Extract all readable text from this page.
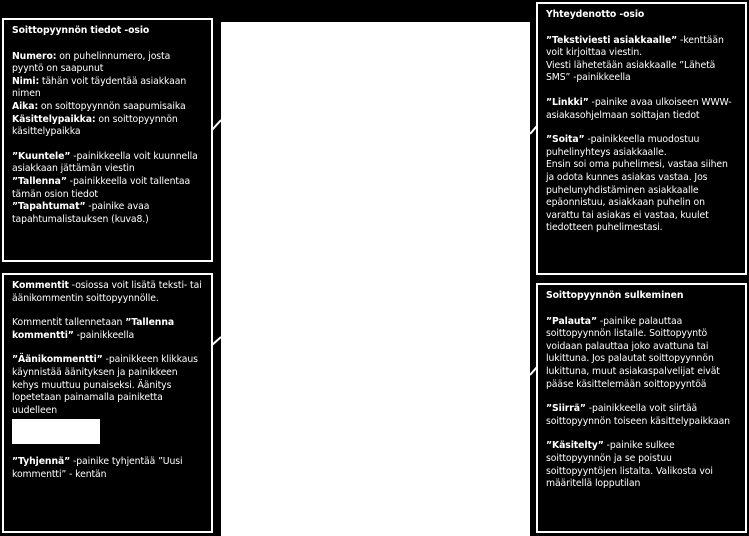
Soittopyynnön tiedot -osio

Numero: on puhelinnumero, josta pyyntö on saapunut

Nimi: tähän voit täydentää asiakkaan nimen

Aika: on soittopyynnön saapumisaika

Käsittelypaikka: on soittopyynnön käsittelypaikka

”Kuuntele” -painikkeella voit kuunnella asiakkaan jättämän viestin

”Tallenna” -painikkeella voit tallentaa tämän osion tiedot

”Tapahtumat” -painike avaa tapahtumalistauksen (kuva8.)

Kommentit -osiossa voit lisätä teksti- tai äänikommentin soittopyynnölle.

Kommentit tallennetaan ”Tallenna kommentti” -painikkeella

”Äänikommentti” -painikkeen klikkaus käynnistää äänityksen ja painikkeen kehys muuttuu punaiseksi. Äänitys lopetetaan painamalla painiketta uudelleen

”Tyhjennä” -painike tyhjentää ”Uusi kommentti” - kentän

Yhteydenotto -osio

”Tekstiviesti asiakkaalle” -kenttään voit kirjoittaa viestin.
Viesti lähetetään asiakkaalle ”Lähetä SMS” -painikkeella

”Linkki” -painike avaa ulkoiseen WWW-asiakasohjelmaan soittajan tiedot

”Soita” -painikkeella muodostuu puhelinyhteys asiakkaalle.
Ensin soi oma puhelimesi, vastaa siihen ja odota kunnes asiakas vastaa. Jos puhelunyhdistäminen asiakkaalle epäonnistuu, asiakkaan puhelin on varattu tai asiakas ei vastaa, kuulet tiedotteen puhelimestasi.

Soittopyynnön sulkeminen

”Palauta” -painike palauttaa soittopyynnön listalle. Soittopyyntö voidaan palauttaa joko avattuna tai lukittuna. Jos palautat soittopyynnön lukittuna, muut asiakaspalvelijat eivät pääse käsittelemään soittopyyntöä

”Siirrä” -painikkeella voit siirtää soittopyynnön toiseen käsittelypaikkaan

”Käsitelty” -painike sulkee soittopyynnön ja se poistuu soittopyyntöjen listalta. Valikosta voi määritellä lopputilan
